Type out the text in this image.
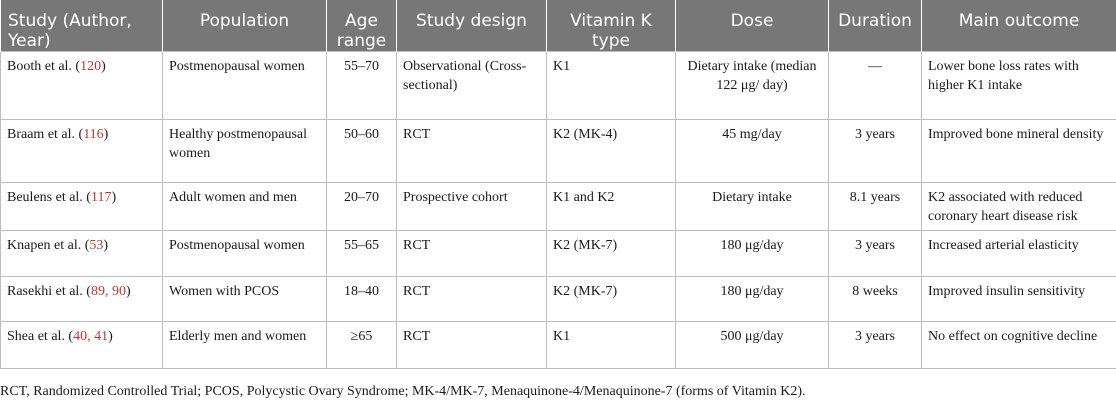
Study (Author, Year)	Population	Age range	Study design	Vitamin K type	Dose	Duration	Main outcome
Booth et al. (120)	Postmenopausal women	55–70	Observational (Cross-sectional)	K1	Dietary intake (median 122 μg/ day)	—	Lower bone loss rates with higher K1 intake
Braam et al. (116)	Healthy postmenopausal women	50–60	RCT	K2 (MK-4)	45 mg/day	3 years	Improved bone mineral density
Beulens et al. (117)	Adult women and men	20–70	Prospective cohort	K1 and K2	Dietary intake	8.1 years	K2 associated with reduced coronary heart disease risk
Knapen et al. (53)	Postmenopausal women	55–65	RCT	K2 (MK-7)	180 μg/day	3 years	Increased arterial elasticity
Rasekhi et al. (89, 90)	Women with PCOS	18–40	RCT	K2 (MK-7)	180 μg/day	8 weeks	Improved insulin sensitivity
Shea et al. (40, 41)	Elderly men and women	≥65	RCT	K1	500 μg/day	3 years	No effect on cognitive decline
RCT, Randomized Controlled Trial; PCOS, Polycystic Ovary Syndrome; MK-4/MK-7, Menaquinone-4/Menaquinone-7 (forms of Vitamin K2).
